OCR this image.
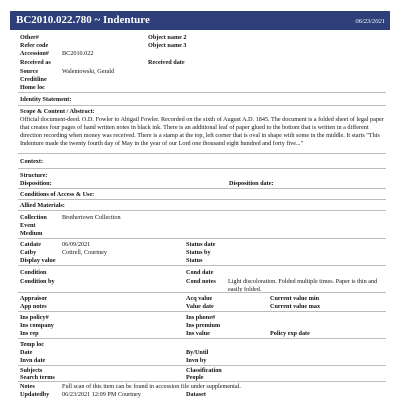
BC2010.022.780 ~ Indenture	06/23/2021
Other#	Object name 2
Refer code	Object name 3
Accession# BC2010.022
Received as	Received date
Source	Walentowski, Gerald
Creditline
Home loc
Identity Statement:
Scope & Content / Abstract:
Official document-deed. O.D. Fowler to Abigail Fowler. Recorded on the sixth of August A.D. 1845. The document is a folded sheet of legal paper that creates four pages of hand written notes in black ink. There is an additional leaf of paper glued to the bottom that is written in a different direction recording when money was received. There is a stamp at the top, left corner that is oval in shape with some in the middle. It starts "This Indenture made the twenty fourth day of May in the year of our Lord one thousand eight hundred and forty five..."
Context:
Structure:
Disposition:	Disposition date:
Conditions of Access & Use:
Allied Materials:
Collection Brothertown Collection
Event
Medium
Catdate	06/09/2021	Status date
Catby	Cottrell, Courtney	Status by
Display value	Status
Condition	Cond date
Condition by	Cond notes Light discoloration. Folded multiple times. Paper is thin and easily folded.
Appraisor	Acq value	Current value min
App notes	Value date	Current value max
Ins policy#	Ins phone#
Ins company	Ins premium
Ins rep	Ins value	Policy exp date
Temp loc
Date	By/Until
Invn date	Invn by
Subjects	Classification
Search terms	People
Notes	Full scan of this item can be found in accession file under supplemental.
Updatedby 06/23/2021 12:09 PM Courtney	Dataset
